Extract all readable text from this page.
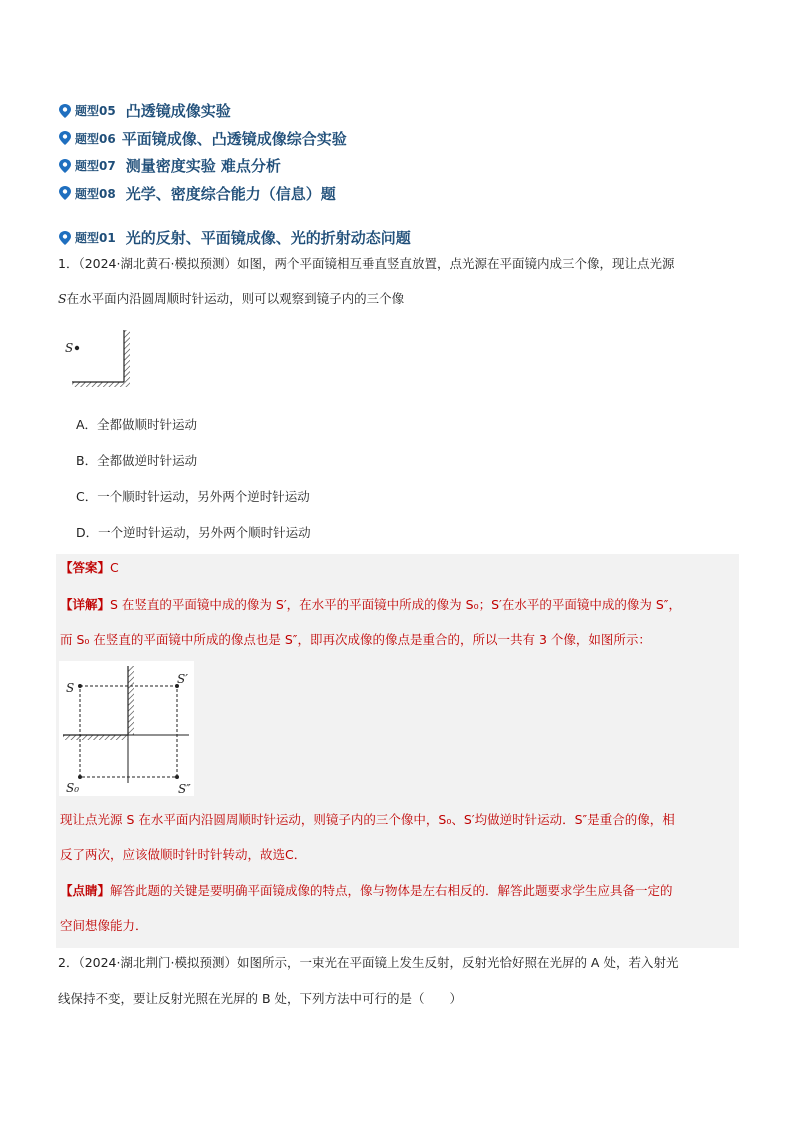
题型05 凸透镜成像实验
题型06 平面镜成像、凸透镜成像综合实验
题型07 测量密度实验 难点分析
题型08 光学、密度综合能力（信息）题
题型01 光的反射、平面镜成像、光的折射动态问题
1．（2024·湖北黄石·模拟预测）如图，两个平面镜相互垂直竖直放置，点光源在平面镜内成三个像，现让点光源
S在水平面内沿圆周顺时针运动，则可以观察到镜子内的三个像
S
A．全都做顺时针运动
B．全都做逆时针运动
C．一个顺时针运动，另外两个逆时针运动
D．一个逆时针运动，另外两个顺时针运动
【答案】C
【详解】S 在竖直的平面镜中成的像为 S′，在水平的平面镜中所成的像为 S₀；S′在水平的平面镜中成的像为 S″，
而 S₀ 在竖直的平面镜中所成的像点也是 S″，即再次成像的像点是重合的，所以一共有 3 个像，如图所示：
S
S′
S₀	S″
现让点光源 S 在水平面内沿圆周顺时针运动，则镜子内的三个像中，S₀、S′均做逆时针运动．S″是重合的像，相
反了两次，应该做顺时针时针转动，故选C．
【点睛】解答此题的关键是要明确平面镜成像的特点，像与物体是左右相反的．解答此题要求学生应具备一定的
空间想像能力．
2．（2024·湖北荆门·模拟预测）如图所示，一束光在平面镜上发生反射，反射光恰好照在光屏的 A 处，若入射光
线保持不变，要让反射光照在光屏的 B 处，下列方法中可行的是（　　）
